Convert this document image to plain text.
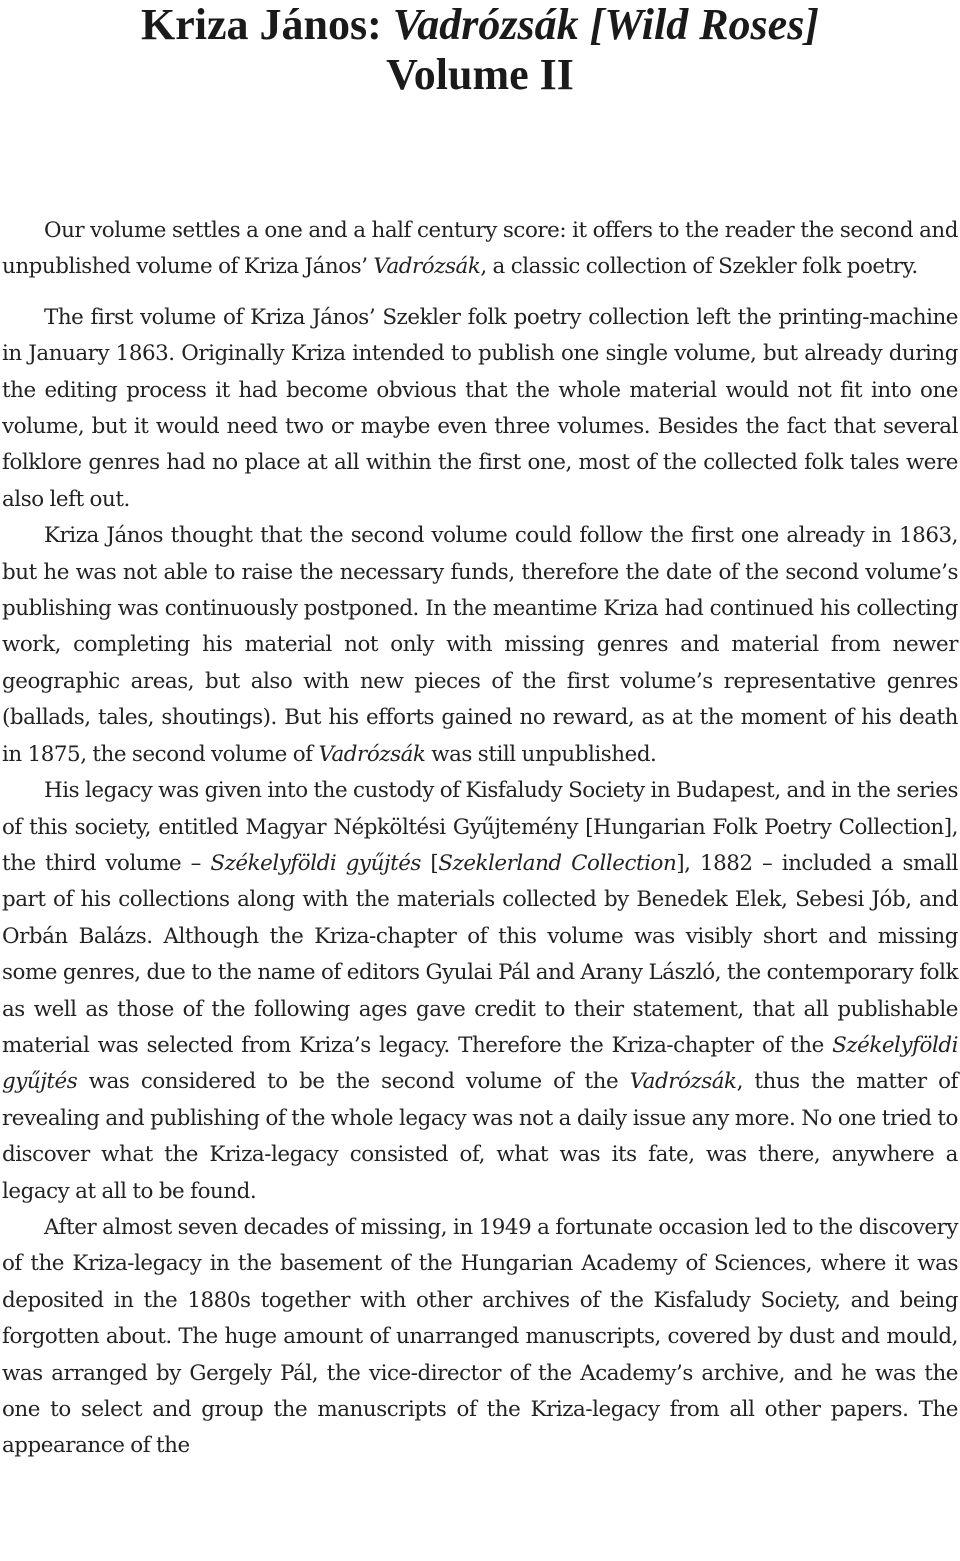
Kriza János: Vadrózsák [Wild Roses]
Volume II

Our volume settles a one and a half century score: it offers to the reader the second and unpublished volume of Kriza János’ Vadrózsák, a classic collection of Szekler folk poetry.

The first volume of Kriza János’ Szekler folk poetry collection left the printing-machine in January 1863. Originally Kriza intended to publish one single volume, but already during the editing process it had become obvious that the whole material would not fit into one volume, but it would need two or maybe even three volumes. Besides the fact that several folklore genres had no place at all within the first one, most of the collected folk tales were also left out.

Kriza János thought that the second volume could follow the first one already in 1863, but he was not able to raise the necessary funds, therefore the date of the second volume’s publishing was continuously postponed. In the meantime Kriza had continued his collecting work, completing his material not only with missing genres and material from newer geographic areas, but also with new pieces of the first volume’s representative genres (ballads, tales, shoutings). But his efforts gained no reward, as at the moment of his death in 1875, the second volume of Vadrózsák was still unpublished.

His legacy was given into the custody of Kisfaludy Society in Budapest, and in the series of this society, entitled Magyar Népköltési Gyűjtemény [Hungarian Folk Poetry Collection], the third volume – Székelyföldi gyűjtés [Szeklerland Collection], 1882 – included a small part of his collections along with the materials collected by Benedek Elek, Sebesi Jób, and Orbán Balázs. Although the Kriza-chapter of this volume was visibly short and missing some genres, due to the name of editors Gyulai Pál and Arany László, the contemporary folk as well as those of the following ages gave credit to their statement, that all publishable material was selected from Kriza’s legacy. Therefore the Kriza-chapter of the Székelyföldi gyűjtés was considered to be the second volume of the Vadrózsák, thus the matter of revealing and publishing of the whole legacy was not a daily issue any more. No one tried to discover what the Kriza-legacy consisted of, what was its fate, was there, anywhere a legacy at all to be found.

After almost seven decades of missing, in 1949 a fortunate occasion led to the discovery of the Kriza-legacy in the basement of the Hungarian Academy of Sciences, where it was deposited in the 1880s together with other archives of the Kisfaludy Society, and being forgotten about. The huge amount of unarranged manuscripts, covered by dust and mould, was arranged by Gergely Pál, the vice-director of the Academy’s archive, and he was the one to select and group the manuscripts of the Kriza-legacy from all other papers. The appearance of the
